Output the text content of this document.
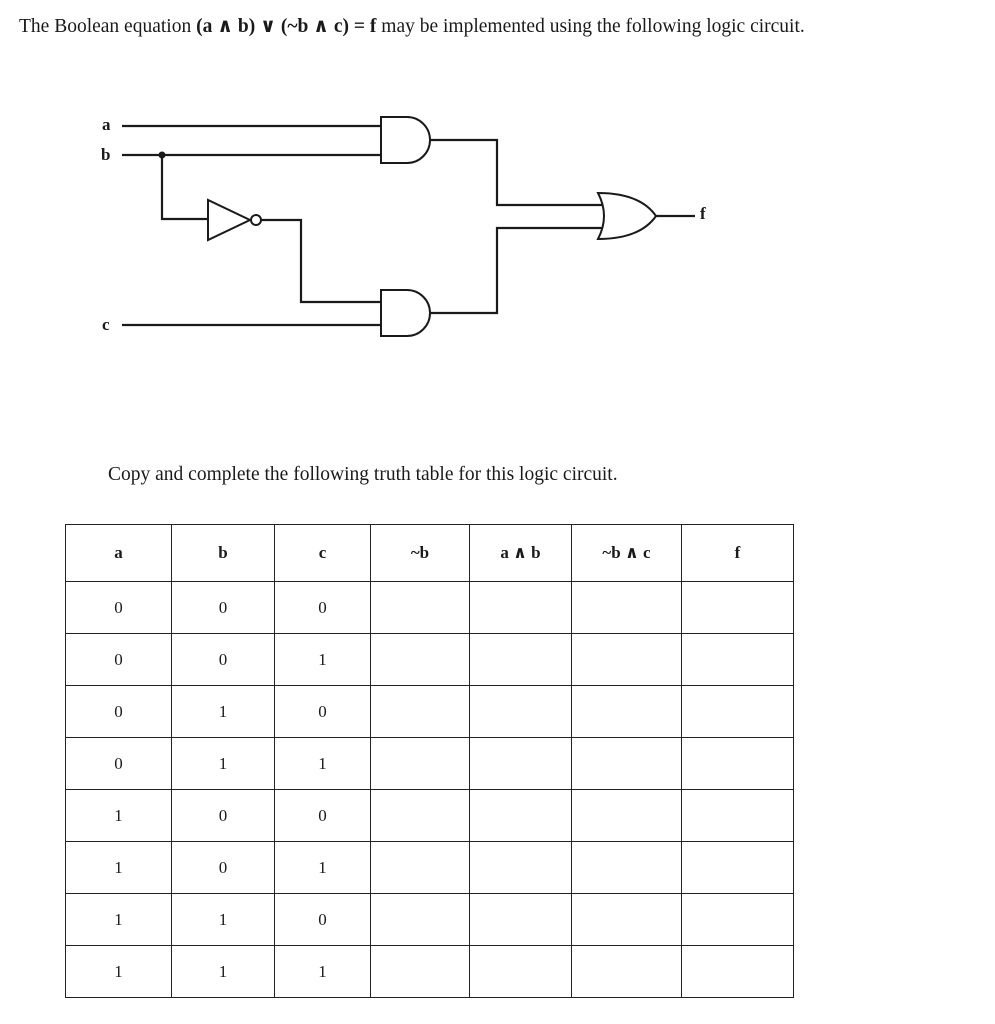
The Boolean equation (a ∧ b) ∨ (~b ∧ c) = f may be implemented using the following logic circuit.

a
b
c
f

Copy and complete the following truth table for this logic circuit.

a	b	c	~b	a ∧ b	~b ∧ c	f
0	0	0				
0	0	1				
0	1	0				
0	1	1				
1	0	0				
1	0	1				
1	1	0				
1	1	1				
